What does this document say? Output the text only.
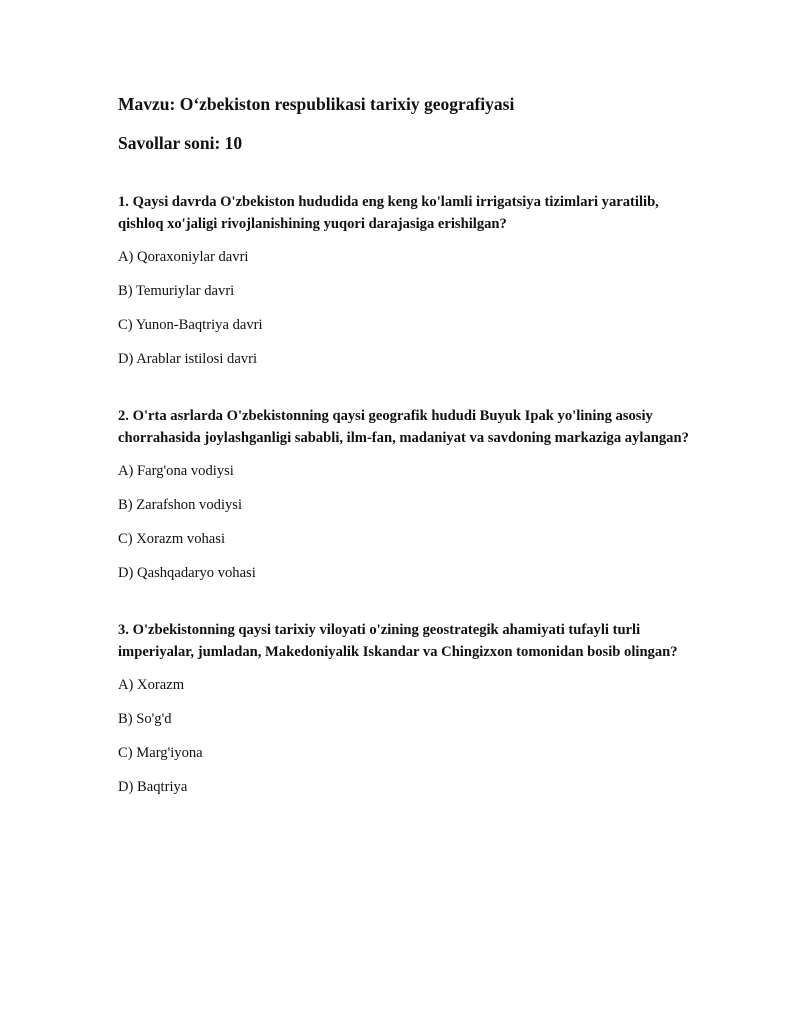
Mavzu: O‘zbekiston respublikasi tarixiy geografiyasi
Savollar soni: 10
1. Qaysi davrda O'zbekiston hududida eng keng ko'lamli irrigatsiya tizimlari yaratilib, qishloq xo'jaligi rivojlanishining yuqori darajasiga erishilgan?
A) Qoraxoniylar davri
B) Temuriylar davri
C) Yunon-Baqtriya davri
D) Arablar istilosi davri
2. O'rta asrlarda O'zbekistonning qaysi geografik hududi Buyuk Ipak yo'lining asosiy chorrahasida joylashganligi sababli, ilm-fan, madaniyat va savdoning markaziga aylangan?
A) Farg'ona vodiysi
B) Zarafshon vodiysi
C) Xorazm vohasi
D) Qashqadaryo vohasi
3. O'zbekistonning qaysi tarixiy viloyati o'zining geostrategik ahamiyati tufayli turli imperiyalar, jumladan, Makedoniyalik Iskandar va Chingizxon tomonidan bosib olingan?
A) Xorazm
B) So'g'd
C) Marg'iyona
D) Baqtriya
